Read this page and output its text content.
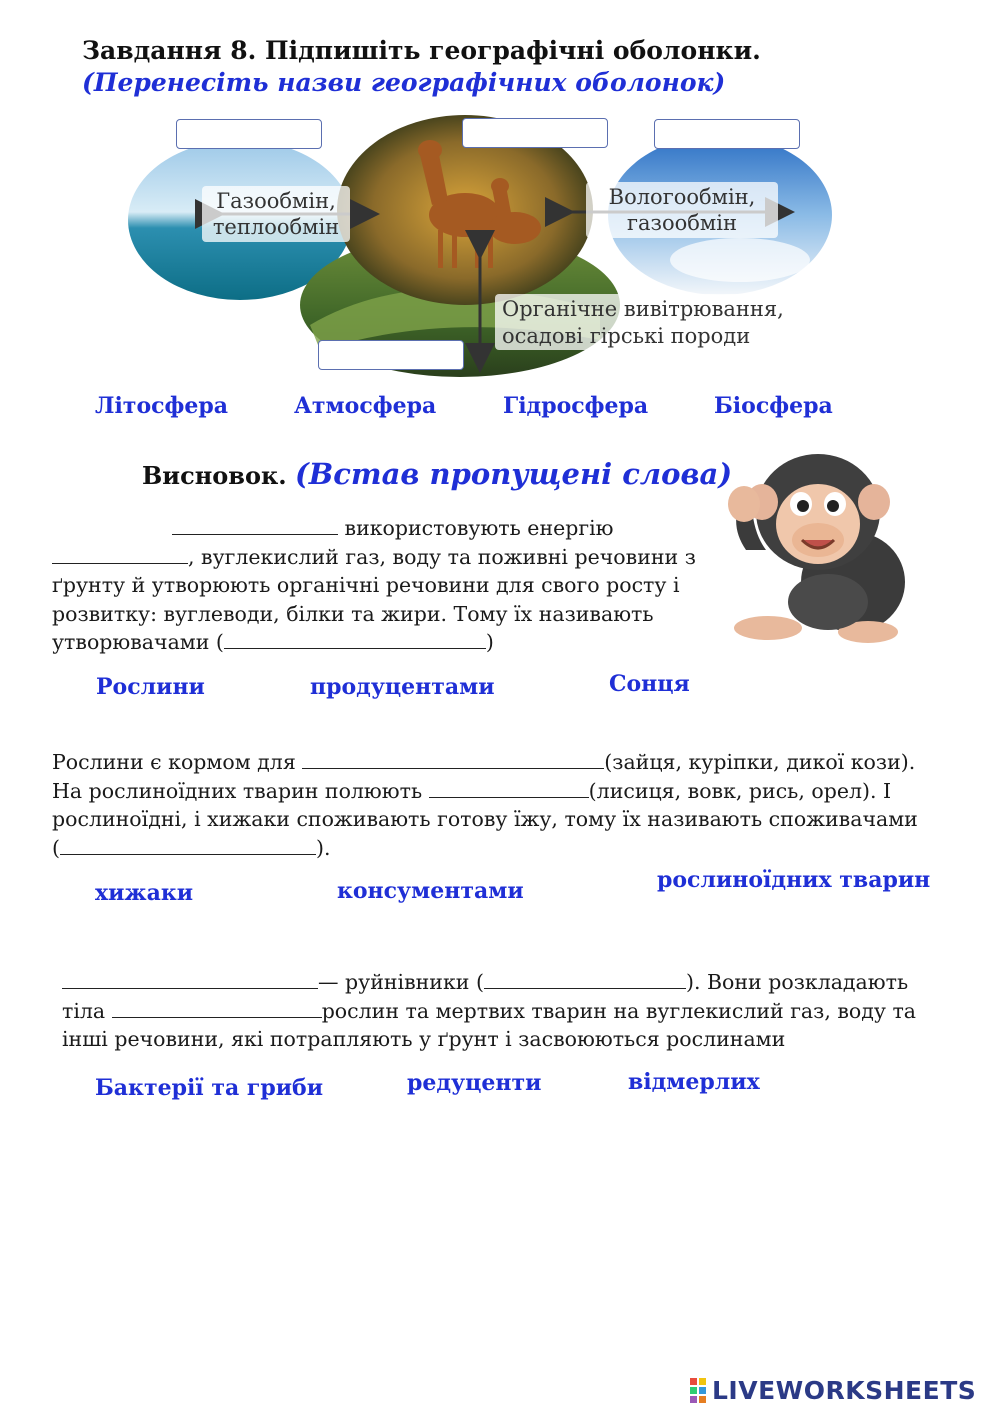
Завдання 8. Підпишіть географічні оболонки.
(Перенесіть назви географічних оболонок)
Газообмін,
теплообмін
Вологообмін,
газообмін
Органічне вивітрювання,
осадові гірські породи
Літосфера	Атмосфера	Гідросфера	Біосфера
Висновок. (Встав пропущені слова)
використовують енергію
, вуглекислий газ, воду та поживні речовини з
ґрунту й утворюють органічні речовини для свого росту і
розвитку: вуглеводи, білки та жири. Тому їх називають
утворювачами (	)
Рослини	продуцентами	Сонця
Рослини є кормом для	(зайця, куріпки, дикої кози).
На рослиноїдних тварин полюють	(лисиця, вовк, рись, орел). І
рослиноїдні, і хижаки споживають готову їжу, тому їх називають споживачами
(	).
хижаки	консументами	рослиноїдних тварин
— руйнівники (	). Вони розкладають
тіла	рослин та мертвих тварин на вуглекислий газ, воду та
інші речовини, які потрапляють у ґрунт і засвоюються рослинами
Бактерії та гриби	редуценти	відмерлих
LIVEWORKSHEETS
